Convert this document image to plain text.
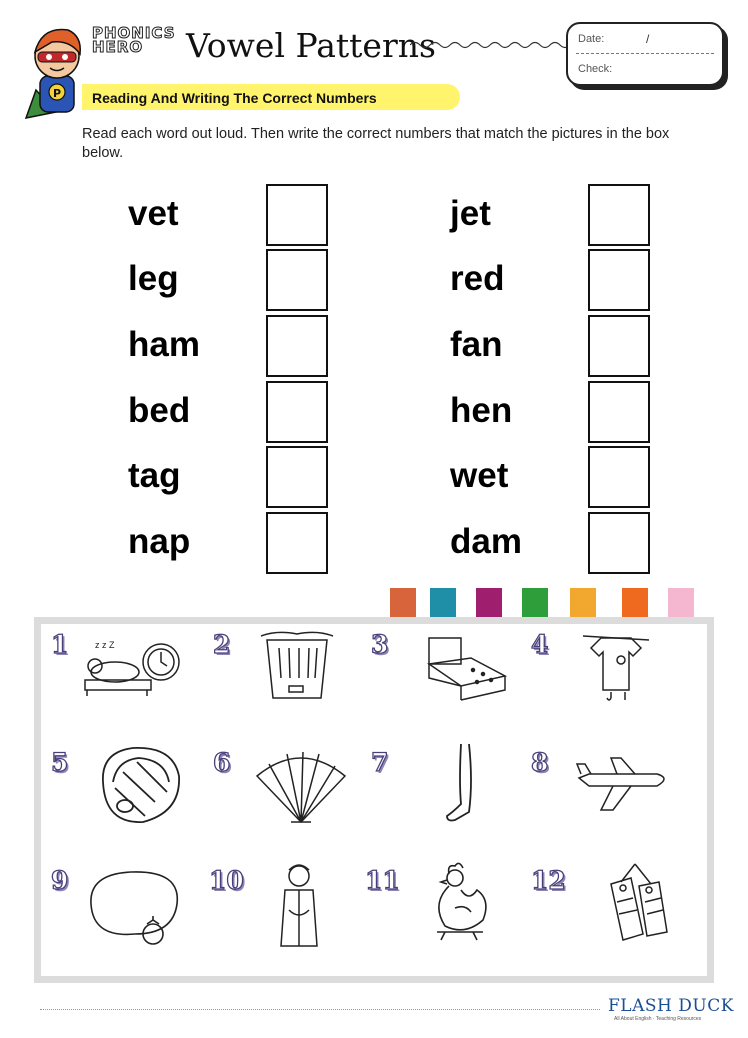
P
PHONICS
HERO	Vowel Patterns	Date:	/
Check:
Reading And Writing The Correct Numbers
Read each word out loud. Then write the correct numbers that match the pictures in the box below.
vet
leg
ham
bed
tag
nap
jet
red
fan
hen
wet
dam
1	z z Z	2	3	4
5	6	7	8
9	10	11	12
FLASH DUCK
All About English · Teaching Resources
